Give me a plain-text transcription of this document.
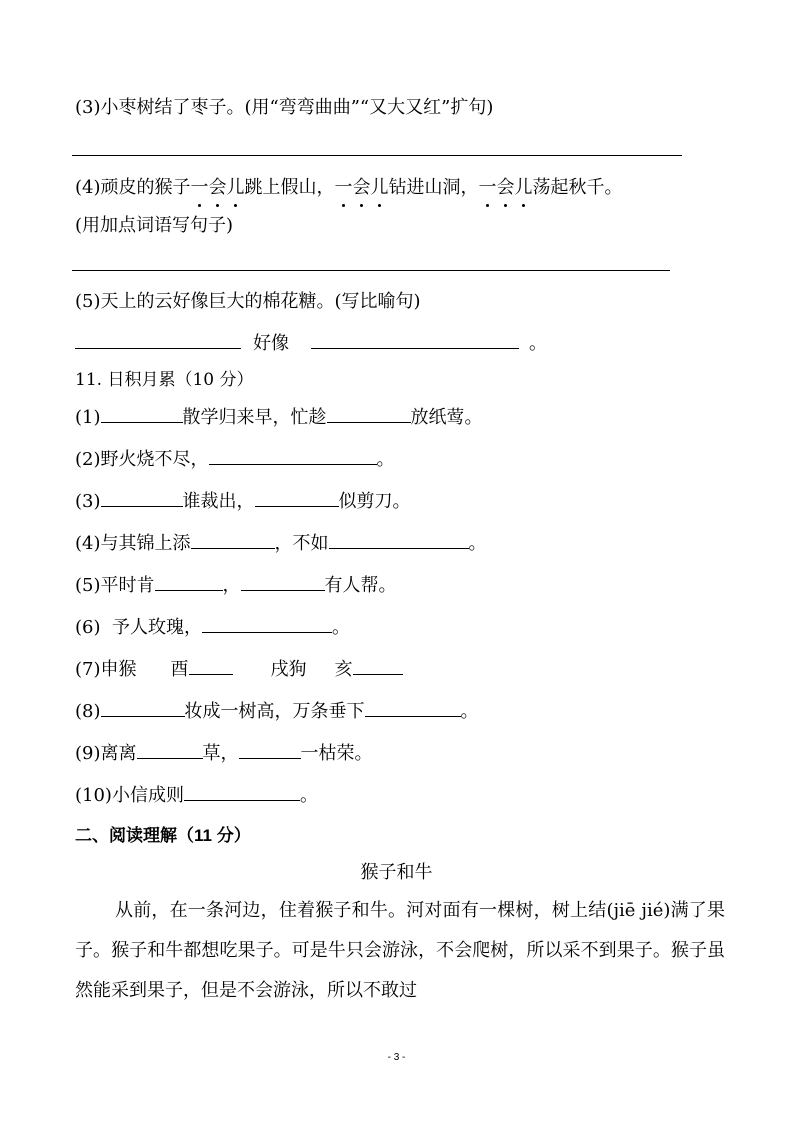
(3)小枣树结了枣子。(用“弯弯曲曲”“又大又红”扩句)
(4)顽皮的猴子一会儿跳上假山，一会儿钻进山洞，一会儿荡起秋千。
(用加点词语写句子)
(5)天上的云好像巨大的棉花糖。(写比喻句)
好像	。
11. 日积月累（10 分）
(1)	散学归来早，忙趁	放纸莺。
(2)野火烧不尽，	。
(3)	谁裁出，	似剪刀。
(4)与其锦上添	，不如	。
(5)平时肯	，	有人帮。
(6)  予人玫瑰，	。
(7)申猴 酉	戌狗 亥
(8)	妆成一树高，万条垂下	。
(9)离离	草，	一枯荣。
(10)小信成则	。
二、阅读理解（11 分）
猴子和牛
从前，在一条河边，住着猴子和牛。河对面有一棵树，树上结(jiē jié)满了果子。猴子和牛都想吃果子。可是牛只会游泳，不会爬树，所以采不到果子。猴子虽然能采到果子，但是不会游泳，所以不敢过
- 3 -
